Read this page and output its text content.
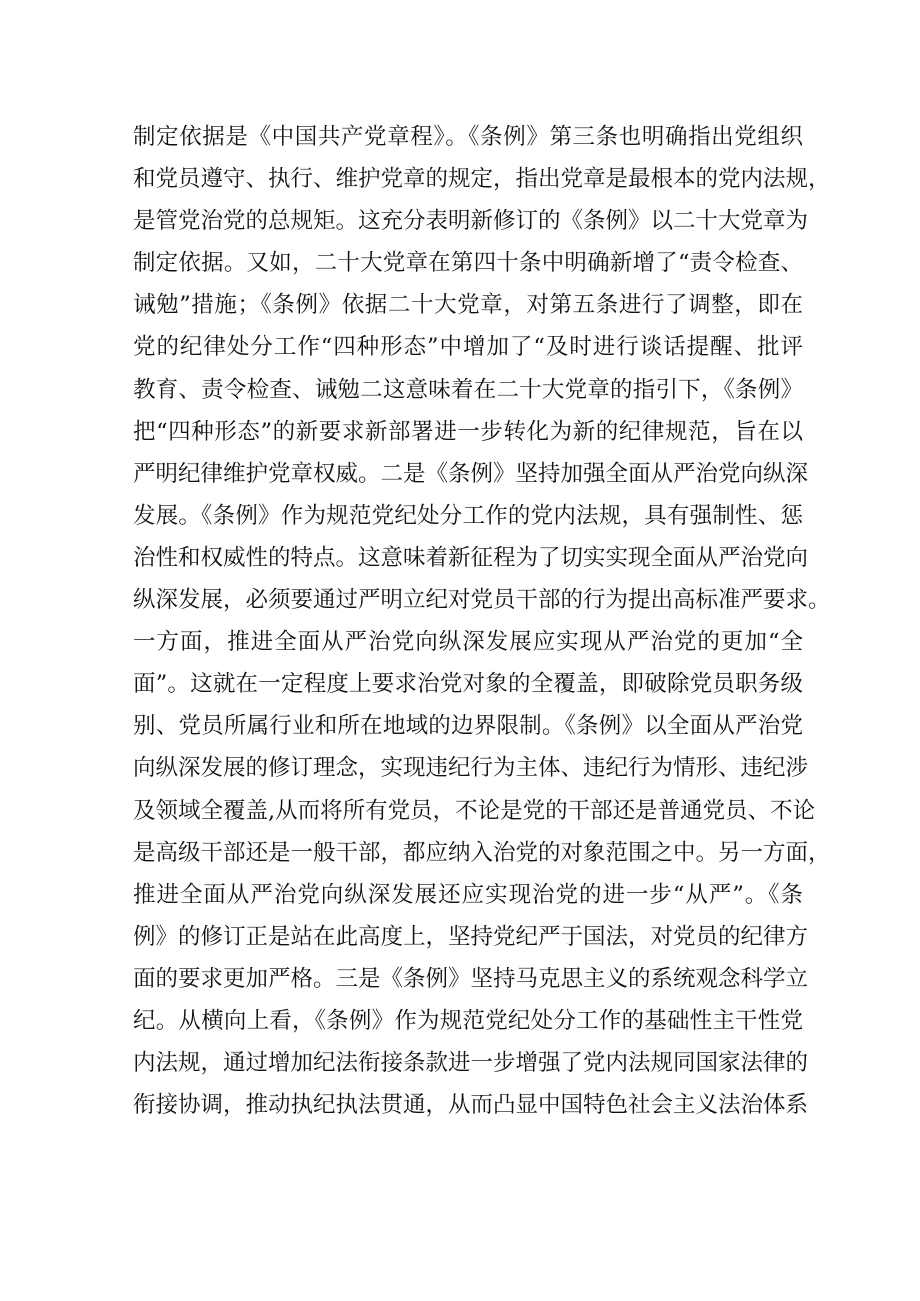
制定依据是《中国共产党章程》。《条例》第三条也明确指出党组织
和党员遵守、执行、维护党章的规定，指出党章是最根本的党内法规，
是管党治党的总规矩。这充分表明新修订的《条例》以二十大党章为
制定依据。又如，二十大党章在第四十条中明确新增了“责令检查、
诫勉”措施；《条例》依据二十大党章，对第五条进行了调整，即在
党的纪律处分工作“四种形态”中增加了“及时进行谈话提醒、批评
教育、责令检查、诫勉二这意味着在二十大党章的指引下，《条例》
把“四种形态”的新要求新部署进一步转化为新的纪律规范，旨在以
严明纪律维护党章权威。二是《条例》坚持加强全面从严治党向纵深
发展。《条例》作为规范党纪处分工作的党内法规，具有强制性、惩
治性和权威性的特点。这意味着新征程为了切实实现全面从严治党向
纵深发展，必须要通过严明立纪对党员干部的行为提出高标准严要求。
一方面，推进全面从严治党向纵深发展应实现从严治党的更加“全
面”。这就在一定程度上要求治党对象的全覆盖，即破除党员职务级
别、党员所属行业和所在地域的边界限制。《条例》以全面从严治党
向纵深发展的修订理念，实现违纪行为主体、违纪行为情形、违纪涉
及领域全覆盖,从而将所有党员，不论是党的干部还是普通党员、不论
是高级干部还是一般干部，都应纳入治党的对象范围之中。另一方面，
推进全面从严治党向纵深发展还应实现治党的进一步“从严”。《条
例》的修订正是站在此高度上，坚持党纪严于国法，对党员的纪律方
面的要求更加严格。三是《条例》坚持马克思主义的系统观念科学立
纪。从横向上看，《条例》作为规范党纪处分工作的基础性主干性党
内法规，通过增加纪法衔接条款进一步增强了党内法规同国家法律的
衔接协调，推动执纪执法贯通，从而凸显中国特色社会主义法治体系
